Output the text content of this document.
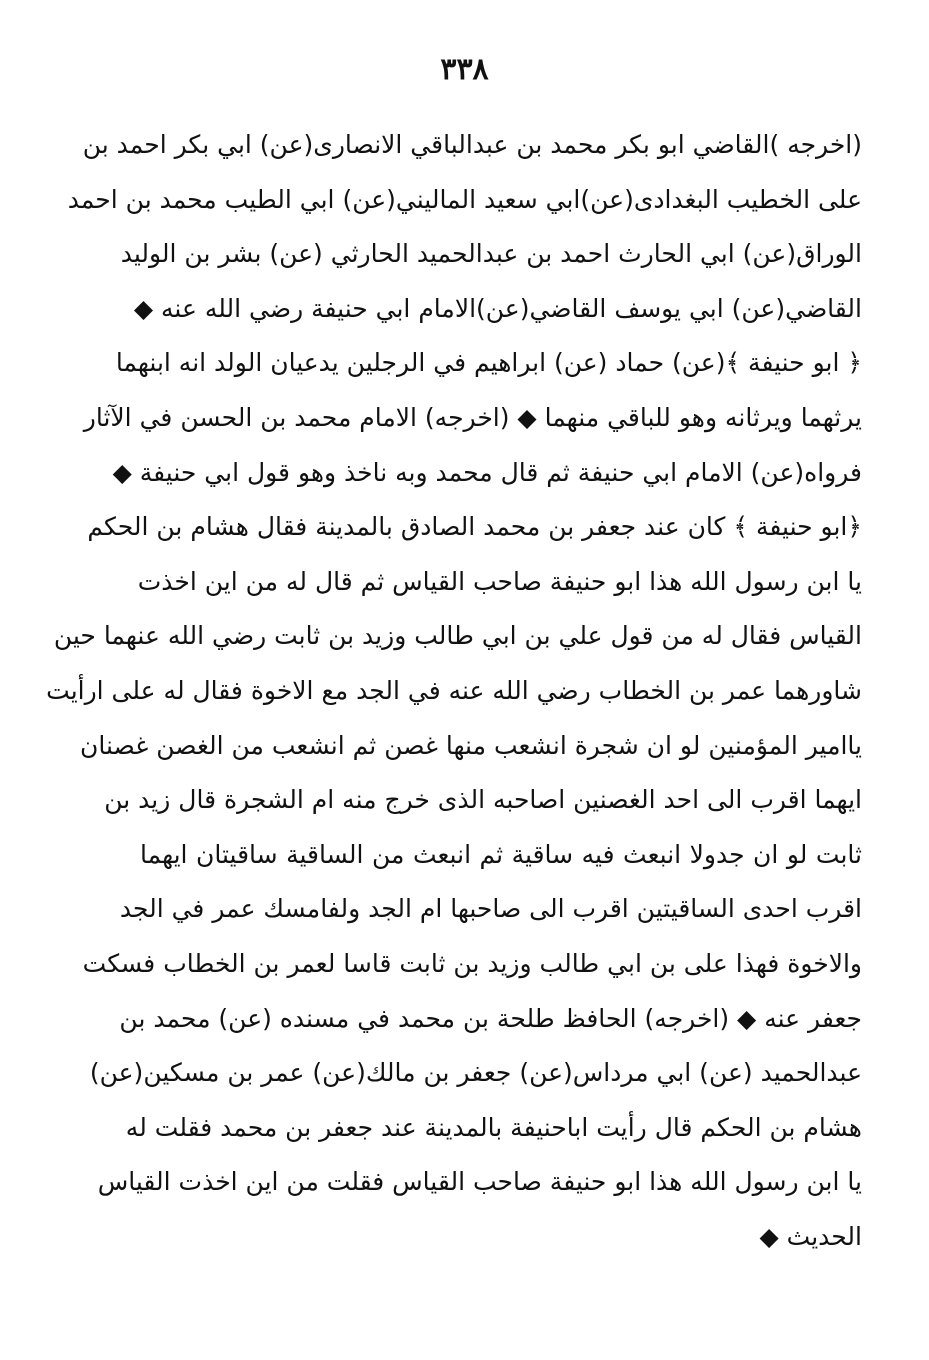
٣٣٨
(اخرجه )القاضي ابو بكر محمد بن عبدالباقي الانصارى(عن) ابي بكر احمد بن
على الخطيب البغدادى(عن)ابي سعيد الماليني(عن) ابي الطيب محمد بن احمد
الوراق(عن) ابي الحارث احمد بن عبدالحميد الحارثي (عن) بشر بن الوليد
القاضي(عن) ابي يوسف القاضي(عن)الامام ابي حنيفة رضي الله عنه ◆
﴿ ابو حنيفة ﴾(عن) حماد (عن) ابراهيم في الرجلين يدعيان الولد انه ابنهما
يرثهما ويرثانه وهو للباقي منهما ◆ (اخرجه) الامام محمد بن الحسن في الآثار
فرواه(عن) الامام ابي حنيفة ثم قال محمد وبه ناخذ وهو قول ابي حنيفة ◆
﴿ابو حنيفة ﴾ كان عند جعفر بن محمد الصادق بالمدينة فقال هشام بن الحكم
يا ابن رسول الله هذا ابو حنيفة صاحب القياس ثم قال له من اين اخذت
القياس فقال له من قول علي بن ابي طالب وزيد بن ثابت رضي الله عنهما حين
شاورهما عمر بن الخطاب رضي الله عنه في الجد مع الاخوة فقال له على ارأيت
ياامير المؤمنين لو ان شجرة انشعب منها غصن ثم انشعب من الغصن غصنان
ايهما اقرب الى احد الغصنين اصاحبه الذى خرج منه ام الشجرة قال زيد بن
ثابت لو ان جدولا انبعث فيه ساقية ثم انبعث من الساقية ساقيتان ايهما
اقرب احدى الساقيتين اقرب الى صاحبها ام الجد ولفامسك عمر في الجد
والاخوة فهذا على بن ابي طالب وزيد بن ثابت قاسا لعمر بن الخطاب فسكت
جعفر عنه ◆ (اخرجه) الحافظ طلحة بن محمد في مسنده (عن) محمد بن
عبدالحميد (عن) ابي مرداس(عن) جعفر بن مالك(عن) عمر بن مسكين(عن)
هشام بن الحكم قال رأيت اباحنيفة بالمدينة عند جعفر بن محمد فقلت له
يا ابن رسول الله هذا ابو حنيفة صاحب القياس فقلت من اين اخذت القياس
الحديث ◆
